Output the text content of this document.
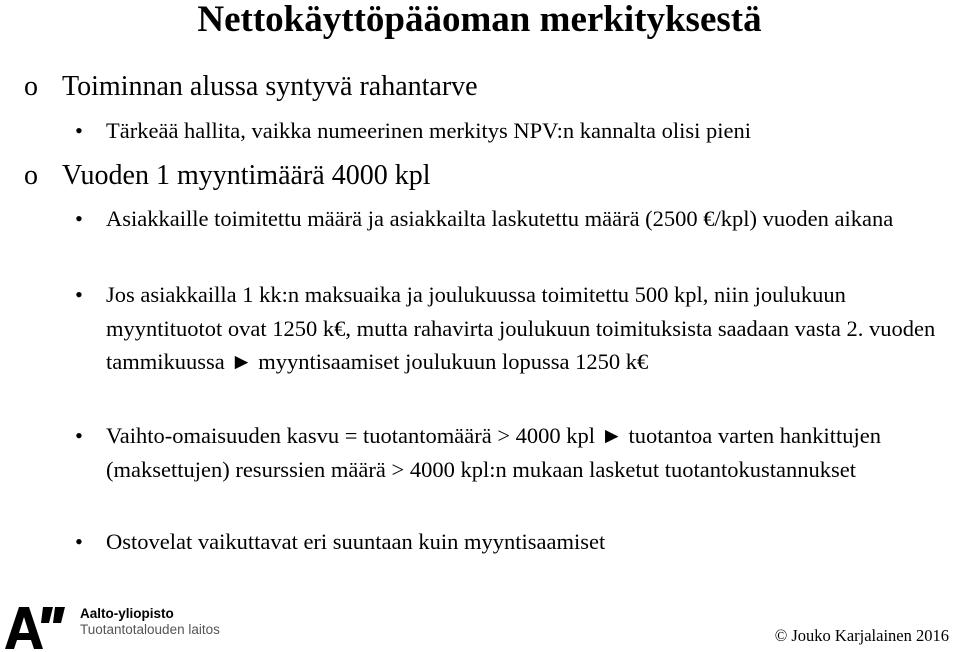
Nettokäyttöpääoman merkityksestä
o Toiminnan alussa syntyvä rahantarve
• Tärkeää hallita, vaikka numeerinen merkitys NPV:n kannalta olisi pieni
o Vuoden 1 myyntimäärä 4000 kpl
• Asiakkaille toimitettu määrä ja asiakkailta laskutettu määrä (2500 €/kpl) vuoden aikana
• Jos asiakkailla 1 kk:n maksuaika ja joulukuussa toimitettu 500 kpl, niin joulukuun myyntituotot ovat 1250 k€, mutta rahavirta joulukuun toimituksista saadaan vasta 2. vuoden tammikuussa ► myyntisaamiset joulukuun lopussa 1250 k€
• Vaihto-omaisuuden kasvu = tuotantomäärä > 4000 kpl ► tuotantoa varten hankittujen (maksettujen) resurssien määrä > 4000 kpl:n mukaan lasketut tuotantokustannukset
• Ostovelat vaikuttavat eri suuntaan kuin myyntisaamiset
Aalto-yliopisto
Tuotantotalouden laitos	© Jouko Karjalainen 2016
